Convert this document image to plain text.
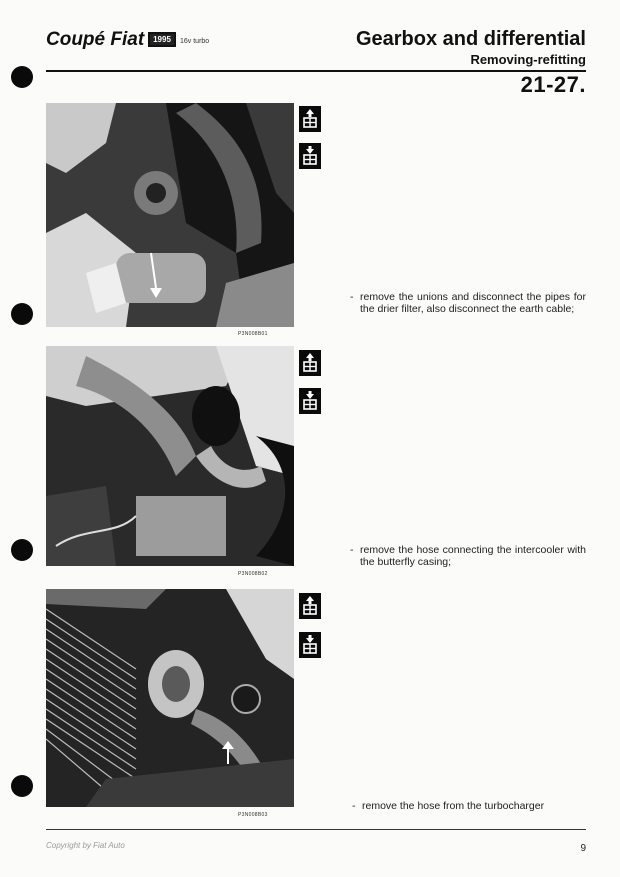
Coupé Fiat	1995	16v turbo	Gearbox and differential
Removing-refitting
21-27.
P3N008B01
- remove the unions and disconnect the pipes for the drier filter, also disconnect the earth cable;
P3N008B02
- remove the hose connecting the intercooler with the butterfly casing;
P3N008B03
- remove the hose from the turbocharger
Copyright by Fiat Auto	9
